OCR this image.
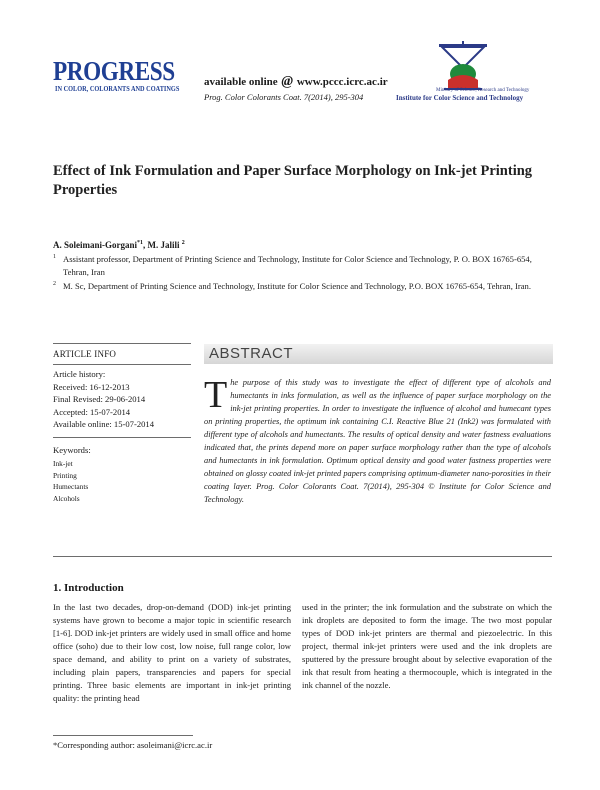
PROGRESS
IN COLOR, COLORANTS AND COATINGS
available online @ www.pccc.icrc.ac.ir
Prog. Color Colorants Coat. 7(2014), 295-304
Ministry of Science, Research and Technology
Institute for Color Science and Technology
Effect of Ink Formulation and Paper Surface Morphology on Ink-jet Printing Properties
A. Soleimani-Gorgani$^{*1}$, M. Jalili $^2$
1 Assistant professor, Department of Printing Science and Technology, Institute for Color Science and Technology, P. O. BOX 16765-654, Tehran, Iran
2 M. Sc, Department of Printing Science and Technology, Institute for Color Science and Technology, P.O. BOX 16765-654, Tehran, Iran.
ARTICLE INFO
Article history:
Received: 16-12-2013
Final Revised: 29-06-2014
Accepted: 15-07-2014
Available online: 15-07-2014
Keywords:
Ink-jet
Printing
Humectants
Alcohols
ABSTRACT
The purpose of this study was to investigate the effect of different type of alcohols and humectants in inks formulation, as well as the influence of paper surface morphology on the ink-jet printing properties. In order to investigate the influence of alcohol and humecant types on printing properties, the optimum ink containing C.I. Reactive Blue 21 (Ink2) was formulated with different type of alcohols and humectants. The results of optical density and water fastness evaluations indicated that, the prints depend more on paper surface morphology rather than the type of alcohols and humectants in ink formulation. Optimum optical density and good water fastness properties were obtained on glossy coated ink-jet printed papers comprising optimum-diameter nano-porosities in their coating layer. Prog. Color Colorants Coat. 7(2014), 295-304 © Institute for Color Science and Technology.
1. Introduction
In the last two decades, drop-on-demand (DOD) ink-jet printing systems have grown to become a major topic in scientific research [1-6]. DOD ink-jet printers are widely used in small office and home office (soho) due to their low cost, low noise, full range color, low space demand, and ability to print on a variety of substrates, including plain papers, transparencies and papers for special printing. Three basic elements are important in ink-jet printing quality: the printing head
used in the printer; the ink formulation and the substrate on which the ink droplets are deposited to form the image. The two most popular types of DOD ink-jet printers are thermal and piezoelectric. In this project, thermal ink-jet printers were used and the ink droplets are sputtered by the pressure brought about by selective evaporation of the ink that result from heating a thermocouple, which is integrated in the ink channel of the nozzle.
*Corresponding author: asoleimani@icrc.ac.ir
